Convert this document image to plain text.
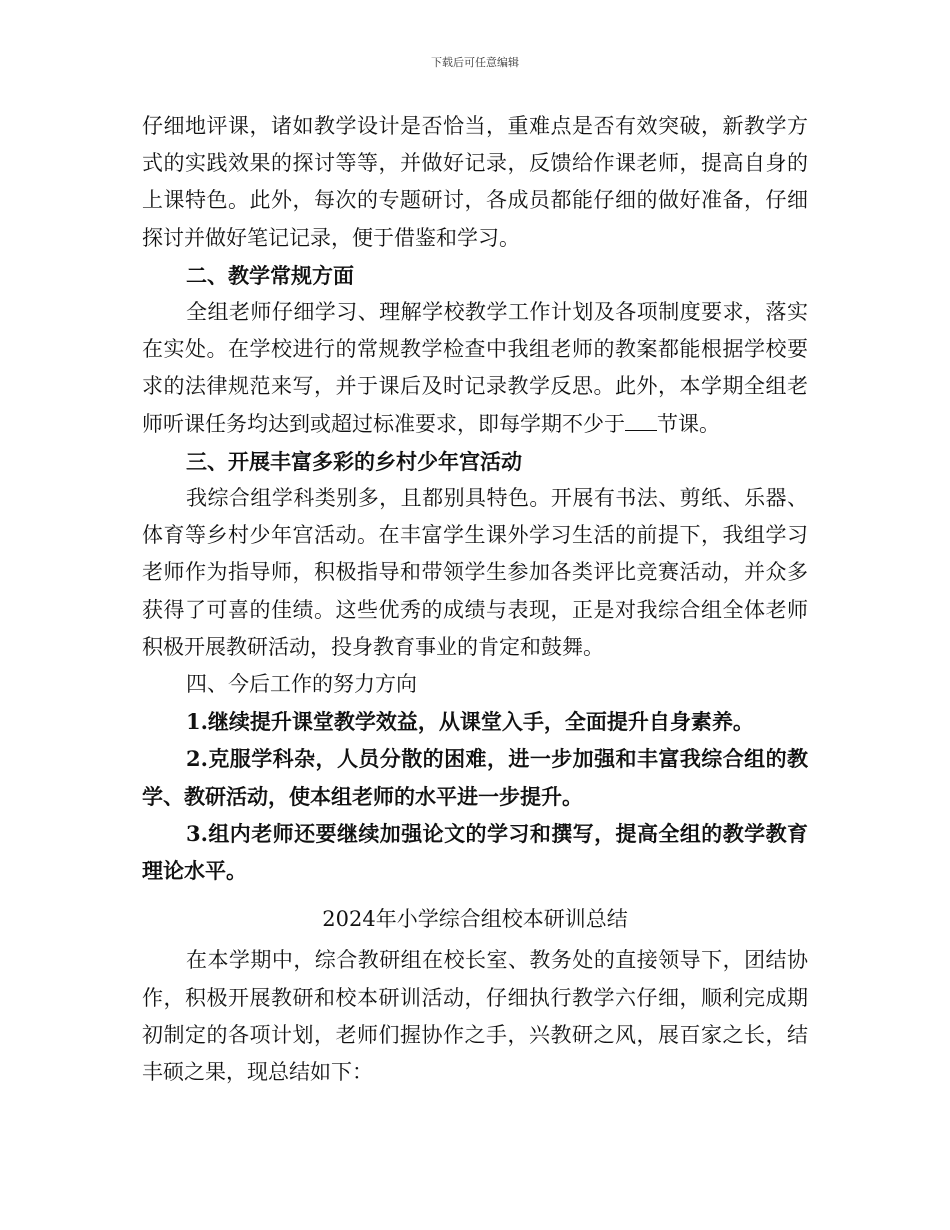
下载后可任意编辑

仔细地评课，诸如教学设计是否恰当，重难点是否有效突破，新教学方式的实践效果的探讨等等，并做好记录，反馈给作课老师，提高自身的上课特色。此外，每次的专题研讨，各成员都能仔细的做好准备，仔细探讨并做好笔记记录，便于借鉴和学习。

二、教学常规方面

全组老师仔细学习、理解学校教学工作计划及各项制度要求，落实在实处。在学校进行的常规教学检查中我组老师的教案都能根据学校要求的法律规范来写，并于课后及时记录教学反思。此外，本学期全组老师听课任务均达到或超过标准要求，即每学期不少于 节课。

三、开展丰富多彩的乡村少年宫活动

我综合组学科类别多，且都别具特色。开展有书法、剪纸、乐器、体育等乡村少年宫活动。在丰富学生课外学习生活的前提下，我组学习老师作为指导师，积极指导和带领学生参加各类评比竞赛活动，并众多获得了可喜的佳绩。这些优秀的成绩与表现，正是对我综合组全体老师积极开展教研活动，投身教育事业的肯定和鼓舞。

四、今后工作的努力方向

1.继续提升课堂教学效益，从课堂入手，全面提升自身素养。

2.克服学科杂，人员分散的困难，进一步加强和丰富我综合组的教学、教研活动，使本组老师的水平进一步提升。

3.组内老师还要继续加强论文的学习和撰写，提高全组的教学教育理论水平。

2024年小学综合组校本研训总结

在本学期中，综合教研组在校长室、教务处的直接领导下，团结协作，积极开展教研和校本研训活动，仔细执行教学六仔细，顺利完成期初制定的各项计划，老师们握协作之手，兴教研之风，展百家之长，结丰硕之果，现总结如下：
